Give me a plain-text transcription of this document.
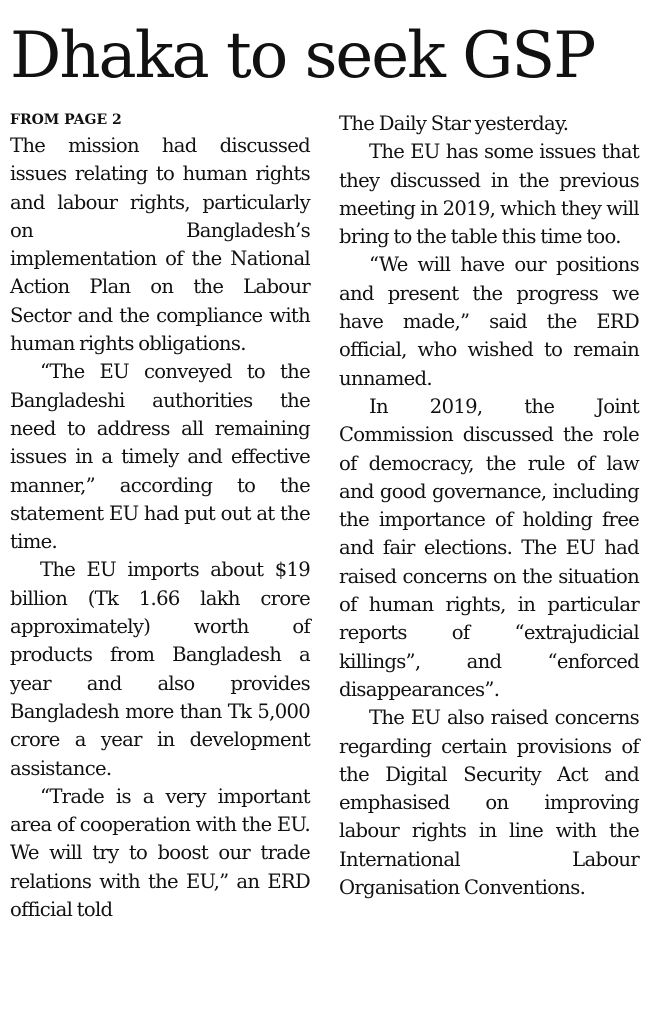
Dhaka to seek GSP

FROM PAGE 2

The mission had discussed issues relating to human rights and labour rights, particularly on Bangladesh’s implementation of the National Action Plan on the Labour Sector and the compliance with human rights obligations.

“The EU conveyed to the Bangladeshi authorities the need to address all remaining issues in a timely and effective manner,” according to the statement EU had put out at the time.

The EU imports about $19 billion (Tk 1.66 lakh crore approximately) worth of products from Bangladesh a year and also provides Bangladesh more than Tk 5,000 crore a year in development assistance.

“Trade is a very important area of cooperation with the EU. We will try to boost our trade relations with the EU,” an ERD official told

The Daily Star yesterday.

The EU has some issues that they discussed in the previous meeting in 2019, which they will bring to the table this time too.

“We will have our positions and present the progress we have made,” said the ERD official, who wished to remain unnamed.

In 2019, the Joint Commission discussed the role of democracy, the rule of law and good governance, including the importance of holding free and fair elections. The EU had raised concerns on the situation of human rights, in particular reports of “extrajudicial killings”, and “enforced disappearances”.

The EU also raised concerns regarding certain provisions of the Digital Security Act and emphasised on improving labour rights in line with the International Labour Organisation Conventions.
